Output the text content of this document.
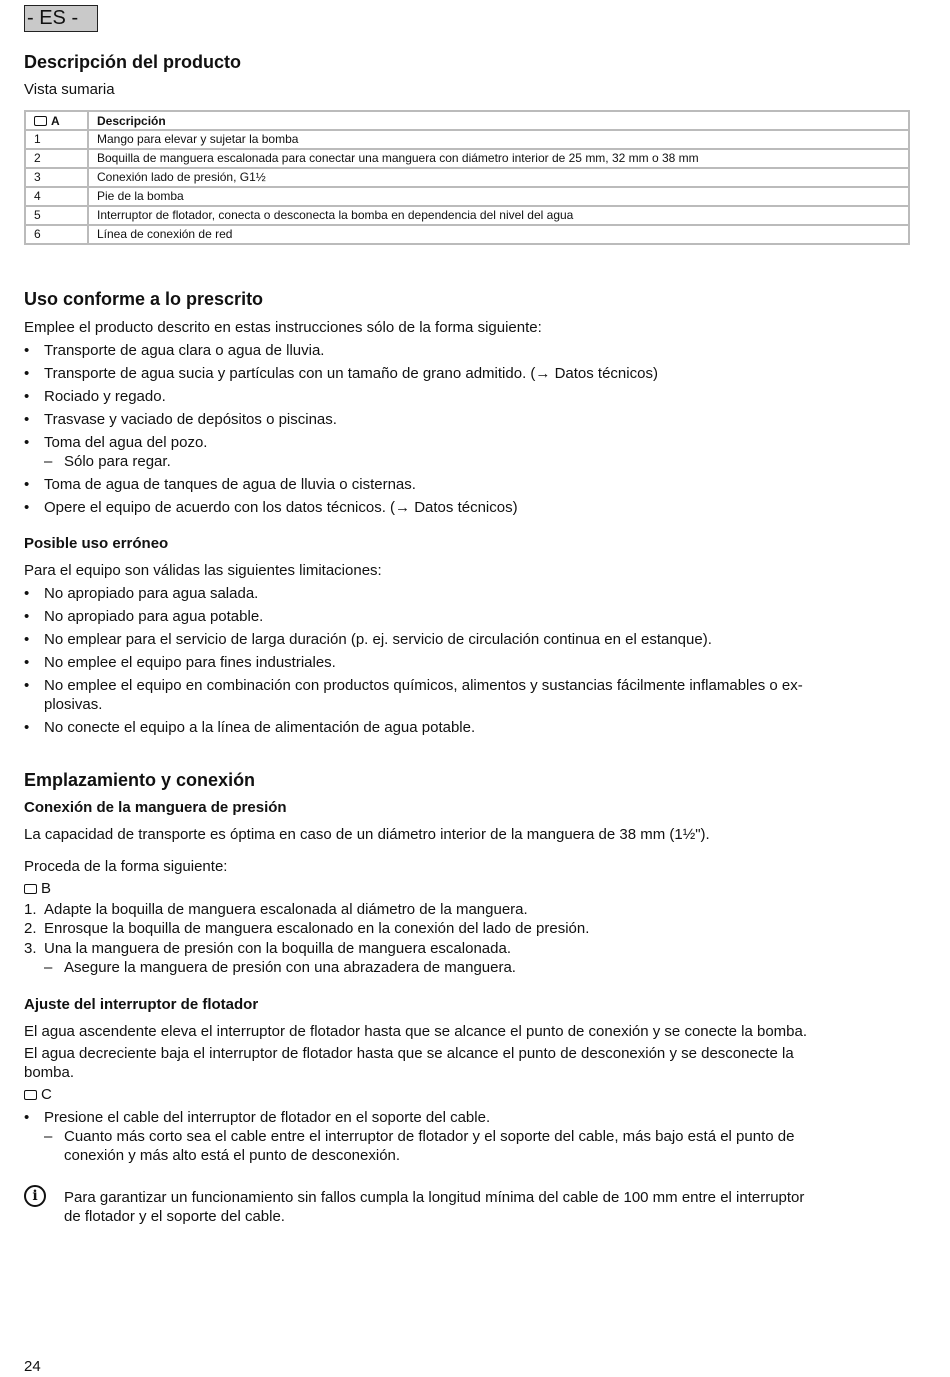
- ES -
Descripción del producto
Vista sumaria
A	Descripción
1	Mango para elevar y sujetar la bomba
2	Boquilla de manguera escalonada para conectar una manguera con diámetro interior de 25 mm, 32 mm o 38 mm
3	Conexión lado de presión, G1½
4	Pie de la bomba
5	Interruptor de flotador, conecta o desconecta la bomba en dependencia del nivel del agua
6	Línea de conexión de red
Uso conforme a lo prescrito
Emplee el producto descrito en estas instrucciones sólo de la forma siguiente:
• Transporte de agua clara o agua de lluvia.
• Transporte de agua sucia y partículas con un tamaño de grano admitido. (→ Datos técnicos)
• Rociado y regado.
• Trasvase y vaciado de depósitos o piscinas.
• Toma del agua del pozo.
– Sólo para regar.
• Toma de agua de tanques de agua de lluvia o cisternas.
• Opere el equipo de acuerdo con los datos técnicos. (→ Datos técnicos)
Posible uso erróneo
Para el equipo son válidas las siguientes limitaciones:
• No apropiado para agua salada.
• No apropiado para agua potable.
• No emplear para el servicio de larga duración (p. ej. servicio de circulación continua en el estanque).
• No emplee el equipo para fines industriales.
• No emplee el equipo en combinación con productos químicos, alimentos y sustancias fácilmente inflamables o ex-
plosivas.
• No conecte el equipo a la línea de alimentación de agua potable.
Emplazamiento y conexión
Conexión de la manguera de presión
La capacidad de transporte es óptima en caso de un diámetro interior de la manguera de 38 mm (1½").
Proceda de la forma siguiente:
B
1. Adapte la boquilla de manguera escalonada al diámetro de la manguera.
2. Enrosque la boquilla de manguera escalonado en la conexión del lado de presión.
3. Una la manguera de presión con la boquilla de manguera escalonada.
– Asegure la manguera de presión con una abrazadera de manguera.
Ajuste del interruptor de flotador
El agua ascendente eleva el interruptor de flotador hasta que se alcance el punto de conexión y se conecte la bomba.
El agua decreciente baja el interruptor de flotador hasta que se alcance el punto de desconexión y se desconecte la
bomba.
C
• Presione el cable del interruptor de flotador en el soporte del cable.
– Cuanto más corto sea el cable entre el interruptor de flotador y el soporte del cable, más bajo está el punto de
conexión y más alto está el punto de desconexión.
i	Para garantizar un funcionamiento sin fallos cumpla la longitud mínima del cable de 100 mm entre el interruptor
de flotador y el soporte del cable.
24
